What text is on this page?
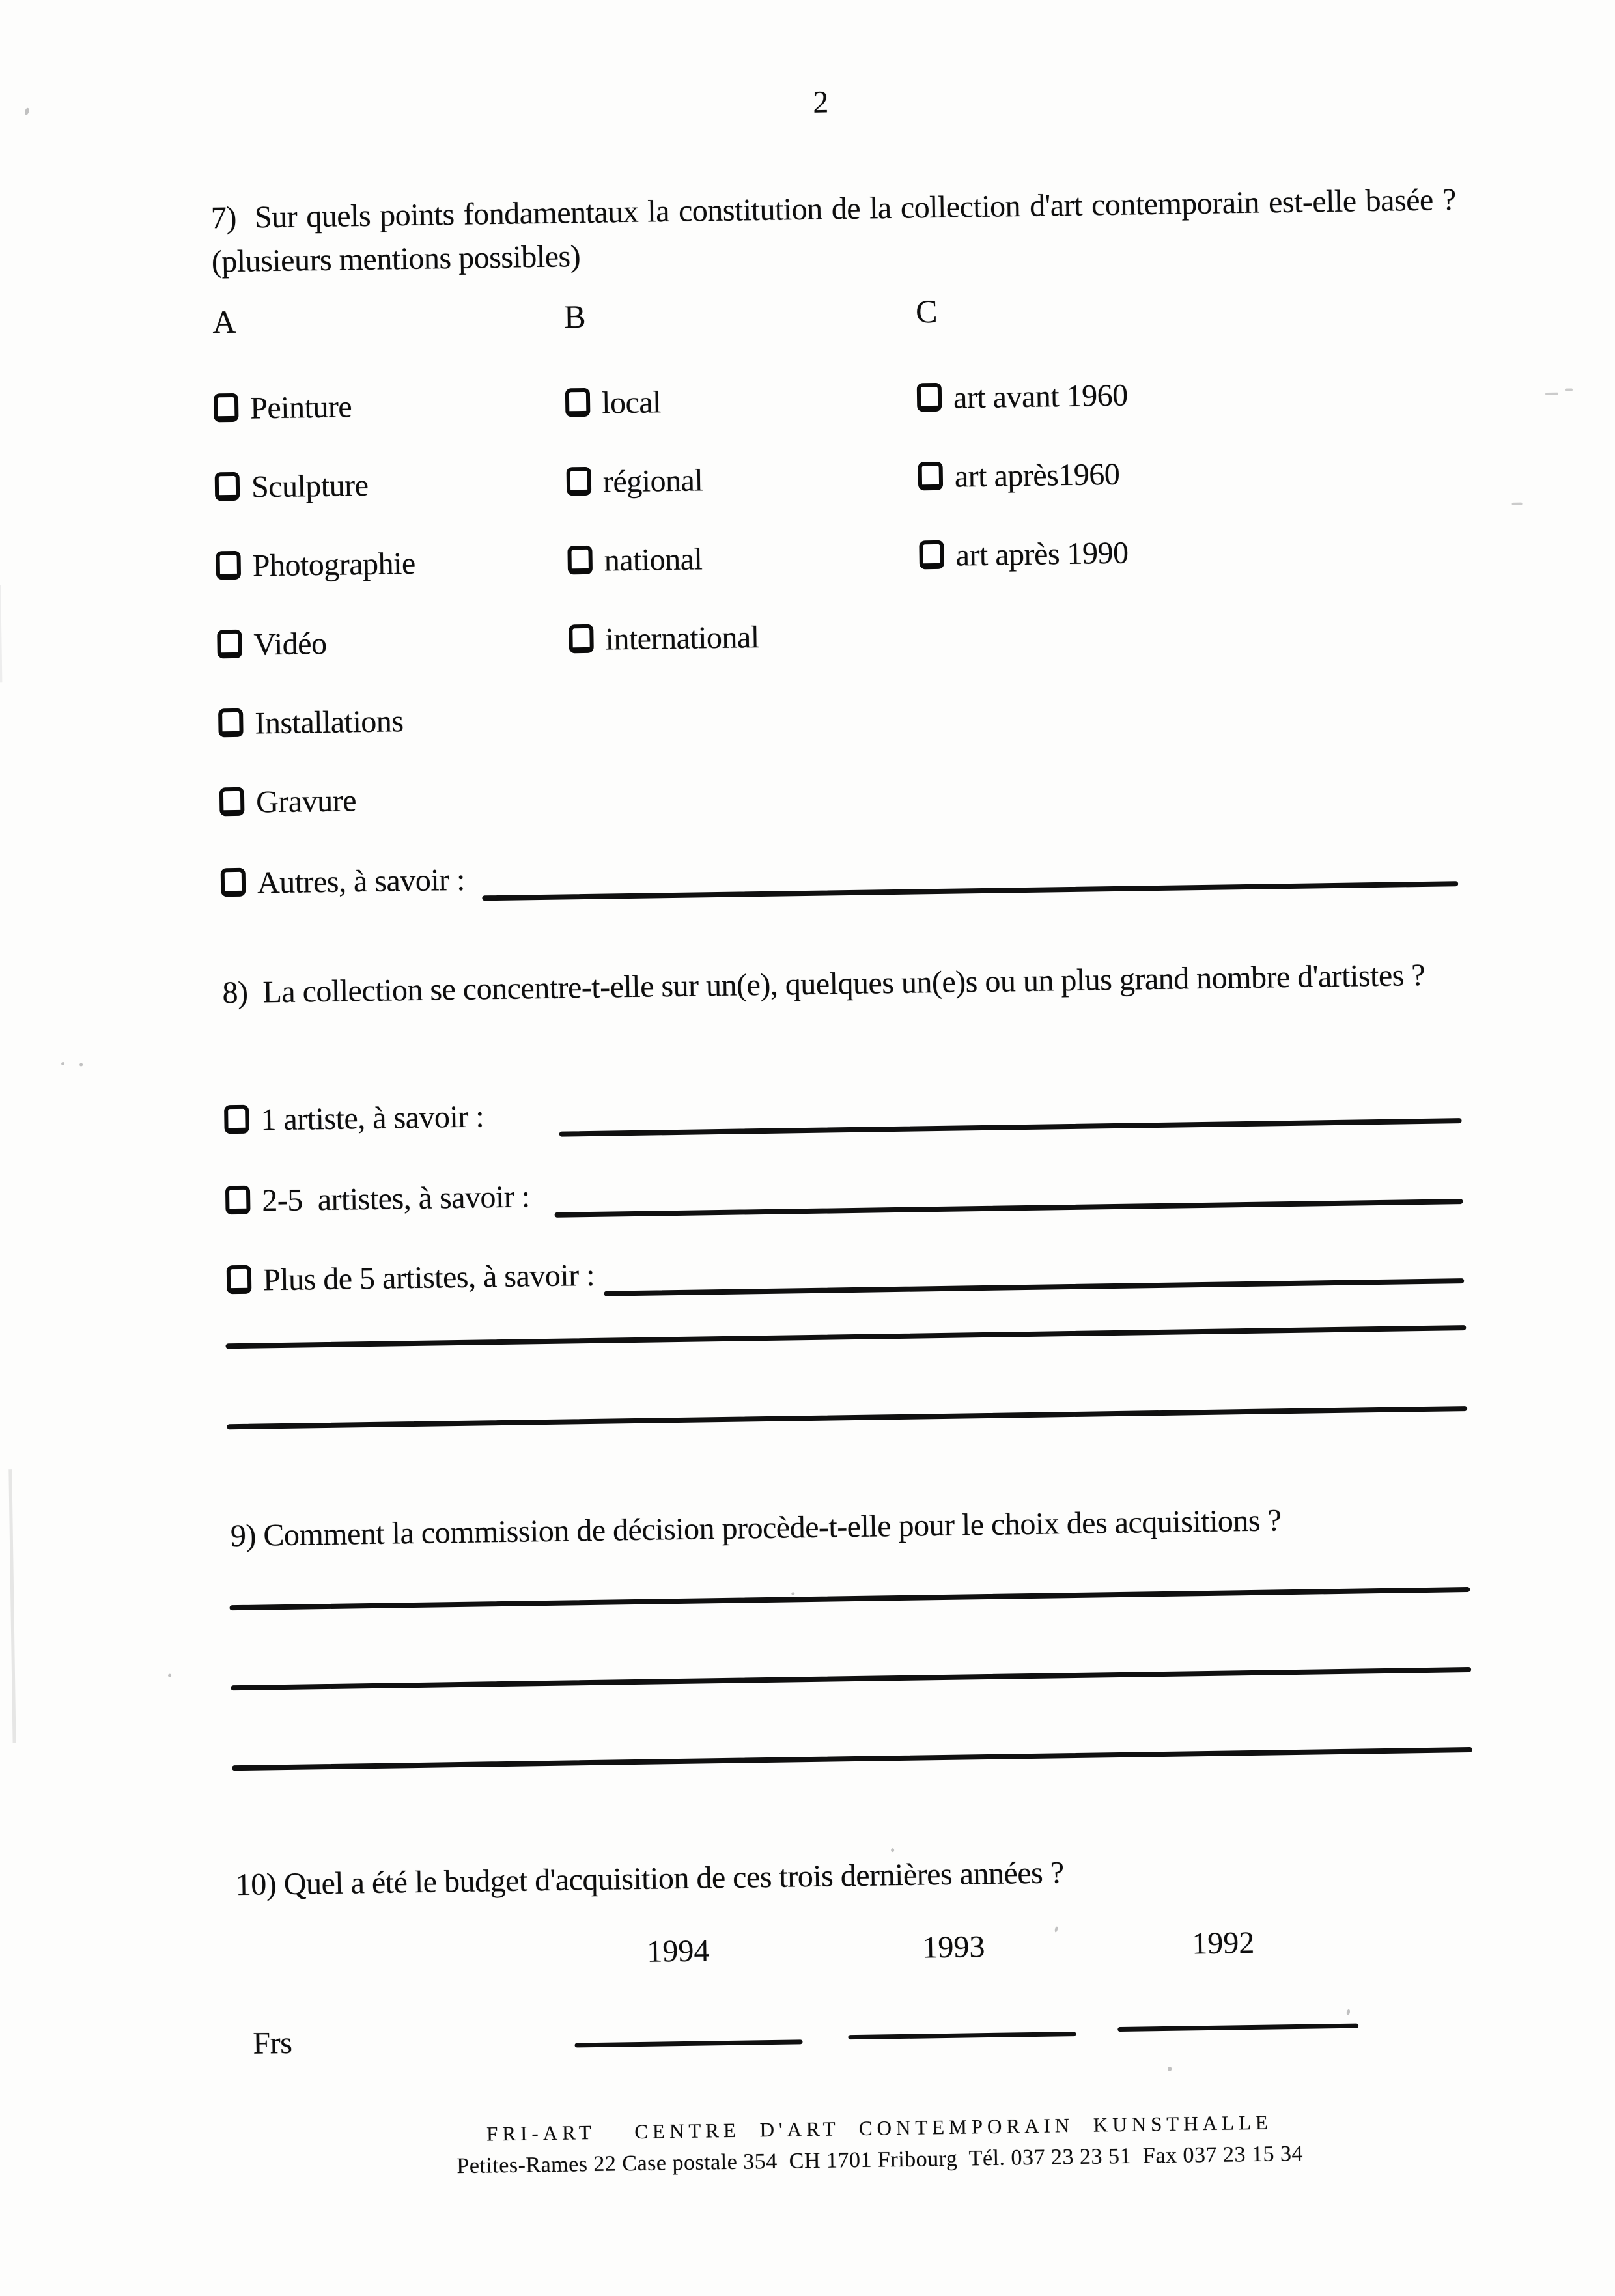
2
7)  Sur quels points fondamentaux la constitution de la collection d'art contemporain est-elle basée ? (plusieurs mentions possibles)
A
Peinture
Sculpture
Photographie
Vidéo
Installations
Gravure
B
local
régional
national
international
C
art avant 1960
art après1960
art après 1990
Autres, à savoir :
8)  La collection se concentre-t-elle sur un(e), quelques un(e)s ou un plus grand nombre d'artistes ?
1 artiste, à savoir :
2-5  artistes, à savoir :
Plus de 5 artistes, à savoir :
9) Comment la commission de décision procède-t-elle pour le choix des acquisitions ?
10) Quel a été le budget d'acquisition de ces trois dernières années ?
1994	1993	1992
Frs
FRI-ART  CENTRE D'ART CONTEMPORAIN KUNSTHALLE
Petites-Rames 22 Case postale 354  CH 1701 Fribourg  Tél. 037 23 23 51  Fax 037 23 15 34
